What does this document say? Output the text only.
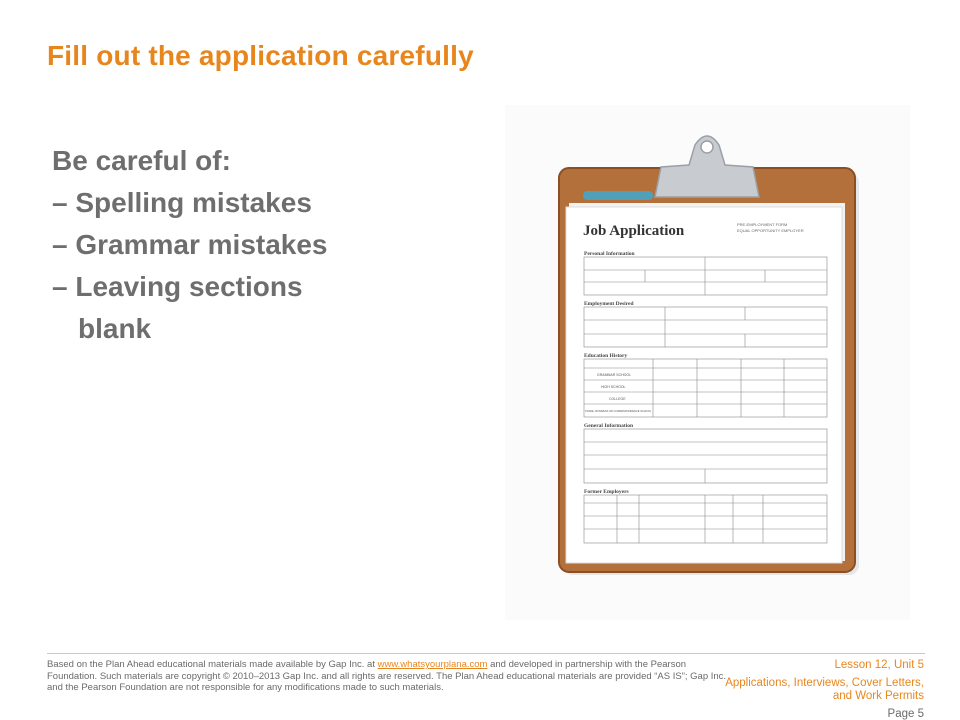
Fill out the application carefully
Be careful of:
– Spelling mistakes
– Grammar mistakes
– Leaving sections
blank
Job Application	PRE-EMPLOYMENT FORM
EQUAL OPPORTUNITY EMPLOYER
Personal Information
Employment Desired
Education History
GRAMMAR SCHOOL
HIGH SCHOOL
COLLEGE
TRADE, BUSINESS OR CORRESPONDENCE SCHOOL
General Information
Former Employers
Based on the Plan Ahead educational materials made available by Gap Inc. at www.whatsyourplana.com and developed in partnership with the Pearson Foundation. Such materials are copyright © 2010–2013 Gap Inc. and all rights are reserved. The Plan Ahead educational materials are provided “AS IS”; Gap Inc. and the Pearson Foundation are not responsible for any modifications made to such materials.
Lesson 12, Unit 5
Applications, Interviews, Cover Letters, and Work Permits
Page 5
